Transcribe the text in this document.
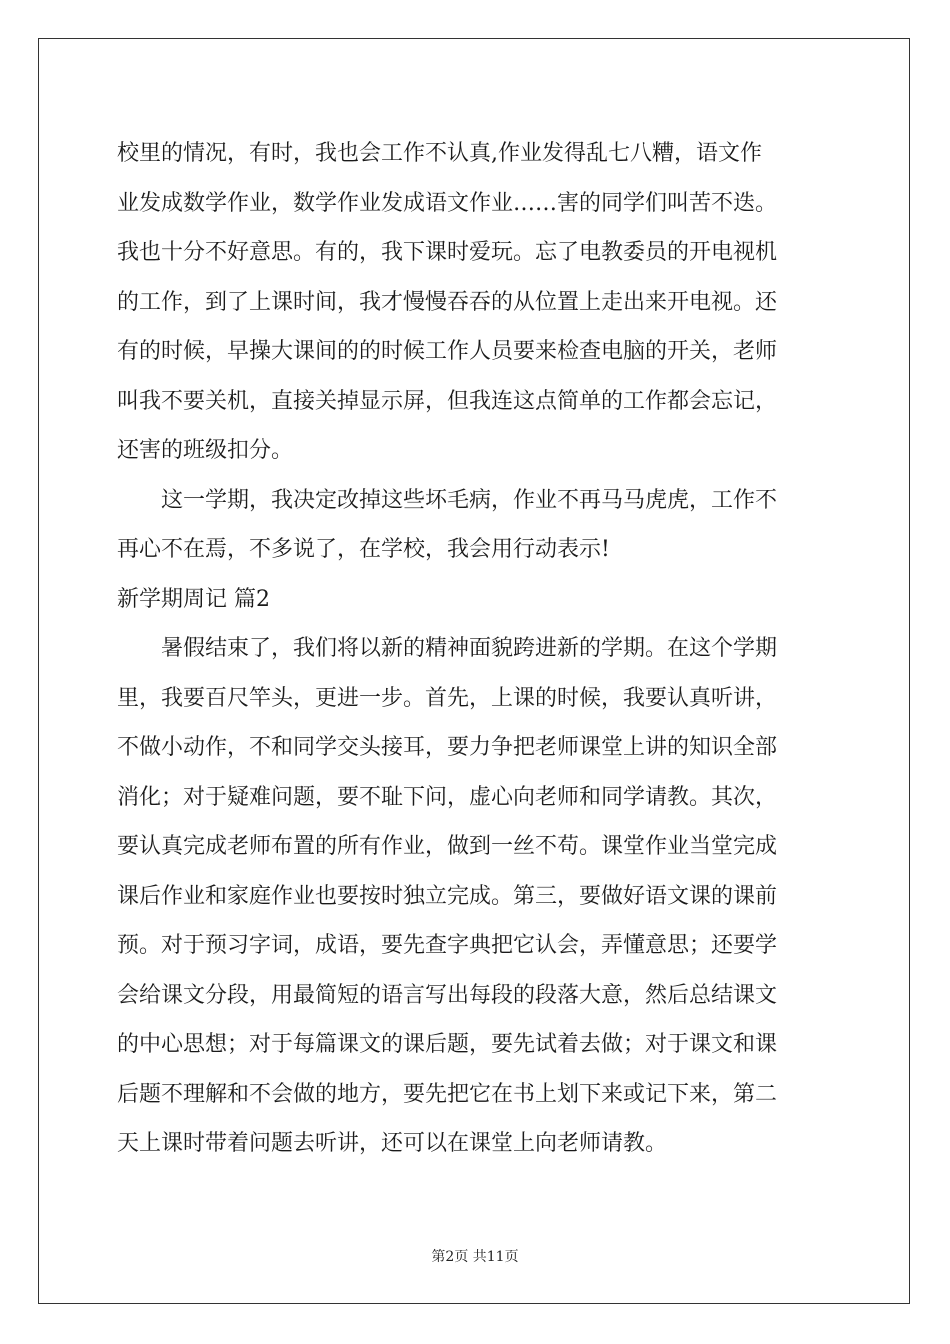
校里的情况，有时，我也会工作不认真,作业发得乱七八糟，语文作
业发成数学作业，数学作业发成语文作业……害的同学们叫苦不迭。
我也十分不好意思。有的，我下课时爱玩。忘了电教委员的开电视机
的工作，到了上课时间，我才慢慢吞吞的从位置上走出来开电视。还
有的时候，早操大课间的的时候工作人员要来检查电脑的开关，老师
叫我不要关机，直接关掉显示屏，但我连这点简单的工作都会忘记，
还害的班级扣分。
这一学期，我决定改掉这些坏毛病，作业不再马马虎虎，工作不
再心不在焉，不多说了，在学校，我会用行动表示!
新学期周记 篇2
暑假结束了，我们将以新的精神面貌跨进新的学期。在这个学期
里，我要百尺竿头，更进一步。首先，上课的时候，我要认真听讲，
不做小动作，不和同学交头接耳，要力争把老师课堂上讲的知识全部
消化；对于疑难问题，要不耻下问，虚心向老师和同学请教。其次，
要认真完成老师布置的所有作业，做到一丝不苟。课堂作业当堂完成
课后作业和家庭作业也要按时独立完成。第三，要做好语文课的课前
预。对于预习字词，成语，要先查字典把它认会，弄懂意思；还要学
会给课文分段，用最简短的语言写出每段的段落大意，然后总结课文
的中心思想；对于每篇课文的课后题，要先试着去做；对于课文和课
后题不理解和不会做的地方，要先把它在书上划下来或记下来，第二
天上课时带着问题去听讲，还可以在课堂上向老师请教。
第2页 共11页
